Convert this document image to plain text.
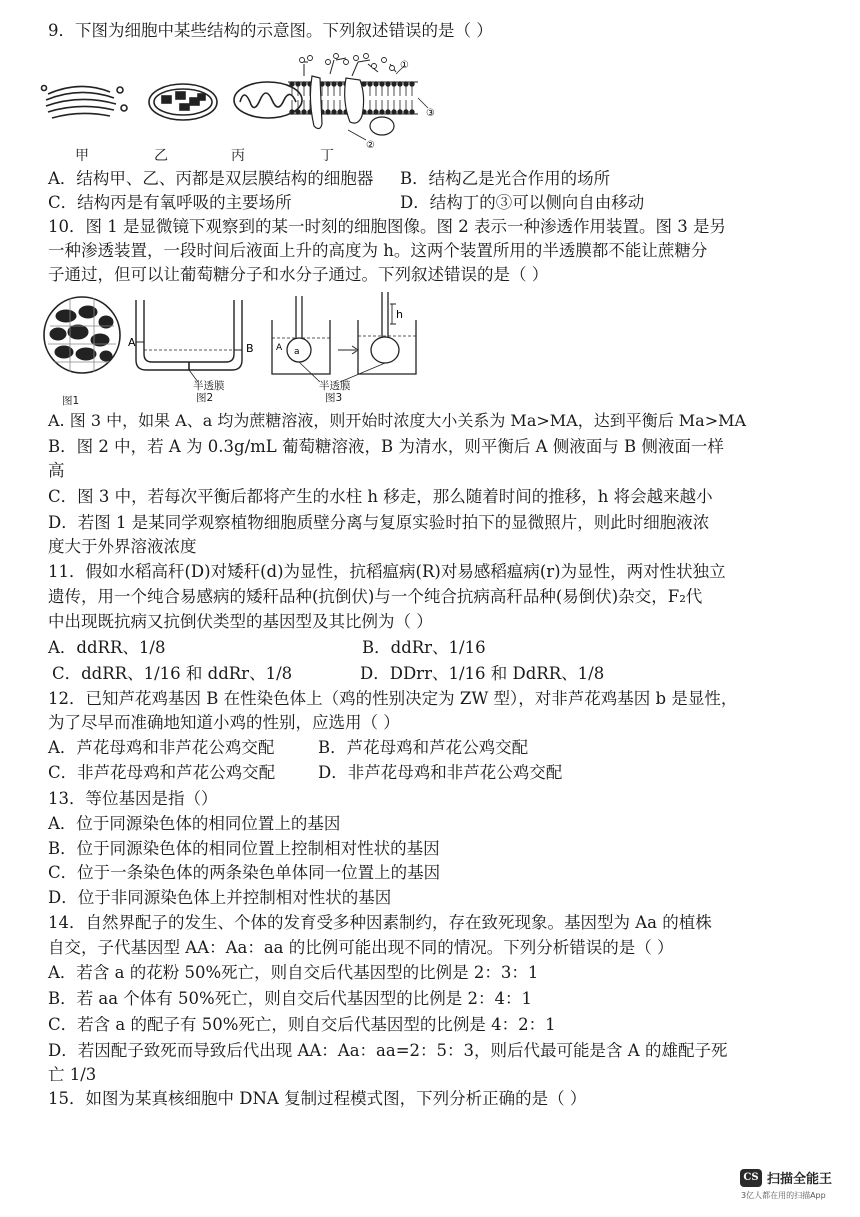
9．下图为细胞中某些结构的示意图。下列叙述错误的是（ ）
①
②
③
甲	乙	丙	丁
A．结构甲、乙、丙都是双层膜结构的细胞器 B．结构乙是光合作用的场所
C．结构丙是有氧呼吸的主要场所	D．结构丁的③可以侧向自由移动
10．图 1 是显微镜下观察到的某一时刻的细胞图像。图 2 表示一种渗透作用装置。图 3 是另
一种渗透装置，一段时间后液面上升的高度为 h。这两个装置所用的半透膜都不能让蔗糖分
子通过，但可以让葡萄糖分子和水分子通过。下列叙述错误的是（ ）
A	B
h
A a
半透膜	半透膜
图1	图2	图3
A. 图 3 中，如果 A、a 均为蔗糖溶液，则开始时浓度大小关系为 Ma>MA，达到平衡后 Ma>MA
B．图 2 中，若 A 为 0.3g/mL 葡萄糖溶液，B 为清水，则平衡后 A 侧液面与 B 侧液面一样
高
C．图 3 中，若每次平衡后都将产生的水柱 h 移走，那么随着时间的推移，h 将会越来越小
D．若图 1 是某同学观察植物细胞质壁分离与复原实验时拍下的显微照片，则此时细胞液浓
度大于外界溶液浓度
11．假如水稻高秆(D)对矮秆(d)为显性，抗稻瘟病(R)对易感稻瘟病(r)为显性，两对性状独立
遗传，用一个纯合易感病的矮秆品种(抗倒伏)与一个纯合抗病高秆品种(易倒伏)杂交，F₂代
中出现既抗病又抗倒伏类型的基因型及其比例为（ ）
A．ddRR、1/8	B．ddRr、1/16
C．ddRR、1/16 和 ddRr、1/8	D．DDrr、1/16 和 DdRR、1/8
12．已知芦花鸡基因 B 在性染色体上（鸡的性别决定为 ZW 型），对非芦花鸡基因 b 是显性，
为了尽早而准确地知道小鸡的性别，应选用（ ）
A．芦花母鸡和非芦花公鸡交配	B．芦花母鸡和芦花公鸡交配
C．非芦花母鸡和芦花公鸡交配	D．非芦花母鸡和非芦花公鸡交配
13．等位基因是指（）
A．位于同源染色体的相同位置上的基因
B．位于同源染色体的相同位置上控制相对性状的基因
C．位于一条染色体的两条染色单体同一位置上的基因
D．位于非同源染色体上并控制相对性状的基因
14．自然界配子的发生、个体的发育受多种因素制约，存在致死现象。基因型为 Aa 的植株
自交，子代基因型 AA：Aa：aa 的比例可能出现不同的情况。下列分析错误的是（ ）
A．若含 a 的花粉 50%死亡，则自交后代基因型的比例是 2：3：1
B．若 aa 个体有 50%死亡，则自交后代基因型的比例是 2：4：1
C．若含 a 的配子有 50%死亡，则自交后代基因型的比例是 4：2：1
D．若因配子致死而导致后代出现 AA：Aa：aa=2：5：3，则后代最可能是含 A 的雄配子死
亡 1/3
15．如图为某真核细胞中 DNA 复制过程模式图，下列分析正确的是（ ）
CS 扫描全能王
3亿人都在用的扫描App
